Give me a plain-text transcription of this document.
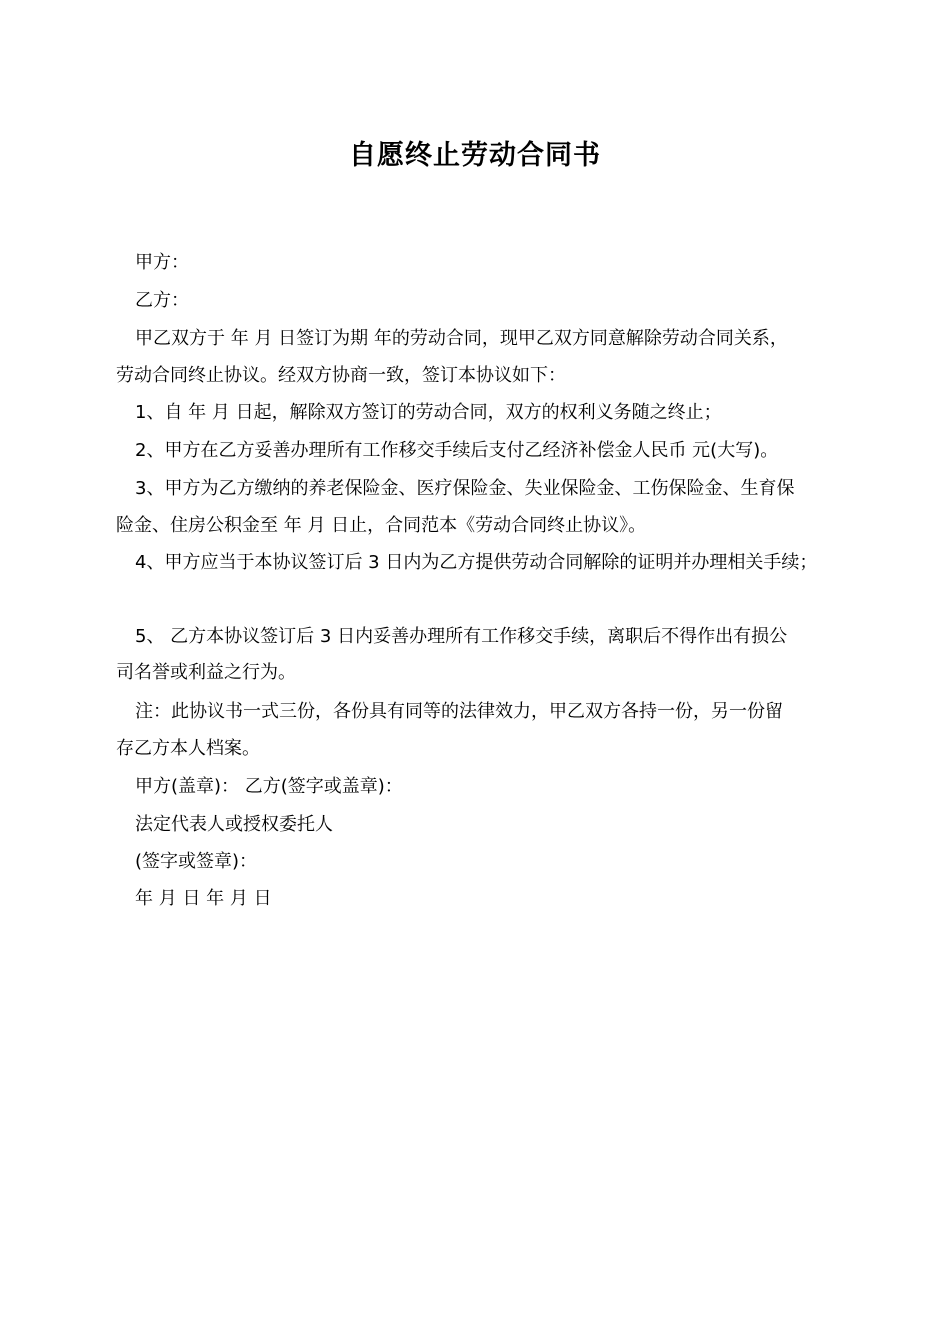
自愿终止劳动合同书
甲方：
乙方：
甲乙双方于 年 月 日签订为期 年的劳动合同，现甲乙双方同意解除劳动合同关系，
劳动合同终止协议。经双方协商一致，签订本协议如下：
1、自 年 月 日起，解除双方签订的劳动合同，双方的权利义务随之终止；
2、甲方在乙方妥善办理所有工作移交手续后支付乙经济补偿金人民币 元(大写)。
3、甲方为乙方缴纳的养老保险金、医疗保险金、失业保险金、工伤保险金、生育保
险金、住房公积金至 年 月 日止，合同范本《劳动合同终止协议》。
4、甲方应当于本协议签订后 3 日内为乙方提供劳动合同解除的证明并办理相关手续；
5、 乙方本协议签订后 3 日内妥善办理所有工作移交手续，离职后不得作出有损公
司名誉或利益之行为。
注：此协议书一式三份，各份具有同等的法律效力，甲乙双方各持一份，另一份留
存乙方本人档案。
甲方(盖章)： 乙方(签字或盖章)：
法定代表人或授权委托人
(签字或签章)：
年 月 日 年 月 日
